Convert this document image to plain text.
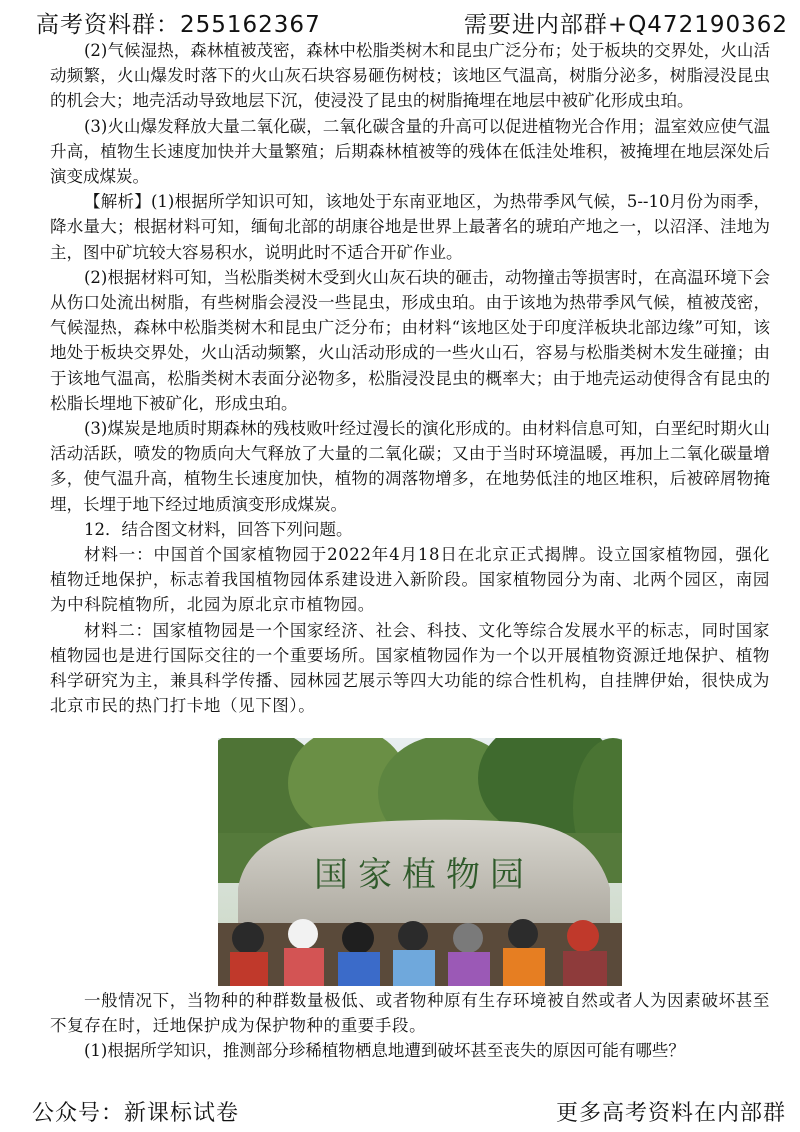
高考资料群：255162367	需要进内部群+Q472190362

(2)气候湿热，森林植被茂密，森林中松脂类树木和昆虫广泛分布；处于板块的交界处，火山活动频繁，火山爆发时落下的火山灰石块容易砸伤树枝；该地区气温高，树脂分泌多，树脂浸没昆虫的机会大；地壳活动导致地层下沉，使浸没了昆虫的树脂掩埋在地层中被矿化形成虫珀。

(3)火山爆发释放大量二氧化碳，二氧化碳含量的升高可以促进植物光合作用；温室效应使气温升高，植物生长速度加快并大量繁殖；后期森林植被等的残体在低洼处堆积，被掩埋在地层深处后演变成煤炭。

【解析】(1)根据所学知识可知，该地处于东南亚地区，为热带季风气候，5--10月份为雨季，降水量大；根据材料可知，缅甸北部的胡康谷地是世界上最著名的琥珀产地之一，以沼泽、洼地为主，图中矿坑较大容易积水，说明此时不适合开矿作业。

(2)根据材料可知，当松脂类树木受到火山灰石块的砸击，动物撞击等损害时，在高温环境下会从伤口处流出树脂，有些树脂会浸没一些昆虫，形成虫珀。由于该地为热带季风气候，植被茂密，气候湿热，森林中松脂类树木和昆虫广泛分布；由材料“该地区处于印度洋板块北部边缘”可知，该地处于板块交界处，火山活动频繁，火山活动形成的一些火山石，容易与松脂类树木发生碰撞；由于该地气温高，松脂类树木表面分泌物多，松脂浸没昆虫的概率大；由于地壳运动使得含有昆虫的松脂长埋地下被矿化，形成虫珀。

(3)煤炭是地质时期森林的残枝败叶经过漫长的演化形成的。由材料信息可知，白垩纪时期火山活动活跃，喷发的物质向大气释放了大量的二氧化碳；又由于当时环境温暖，再加上二氧化碳量增多，使气温升高，植物生长速度加快，植物的凋落物增多，在地势低洼的地区堆积，后被碎屑物掩埋，长埋于地下经过地质演变形成煤炭。

12．结合图文材料，回答下列问题。

材料一：中国首个国家植物园于2022年4月18日在北京正式揭牌。设立国家植物园，强化植物迁地保护，标志着我国植物园体系建设进入新阶段。国家植物园分为南、北两个园区，南园为中科院植物所，北园为原北京市植物园。

材料二：国家植物园是一个国家经济、社会、科技、文化等综合发展水平的标志，同时国家植物园也是进行国际交往的一个重要场所。国家植物园作为一个以开展植物资源迁地保护、植物科学研究为主，兼具科学传播、园林园艺展示等四大功能的综合性机构，自挂牌伊始，很快成为北京市民的热门打卡地（见下图）。

国家植物园

一般情况下，当物种的种群数量极低、或者物种原有生存环境被自然或者人为因素破坏甚至不复存在时，迁地保护成为保护物种的重要手段。

(1)根据所学知识，推测部分珍稀植物栖息地遭到破坏甚至丧失的原因可能有哪些？

公众号：新课标试卷	更多高考资料在内部群
